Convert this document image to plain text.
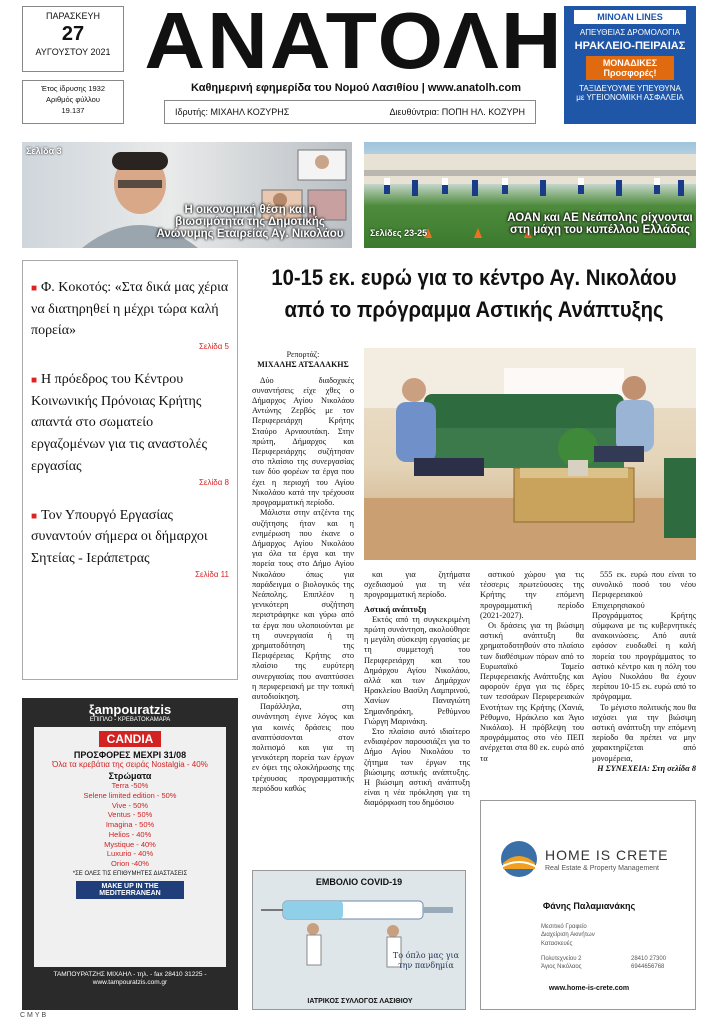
ΠΑΡΑΣΚΕΥΗ
27
ΑΥΓΟΥΣΤΟΥ 2021
Έτος ίδρυσης 1932
Αριθμός φύλλου
19.137
ΑΝΑΤΟΛΗ
Καθημερινή εφημερίδα του Νομού Λασιθίου | www.anatolh.com
Ιδρυτής: ΜΙΧΑΗΛ ΚΟΖΥΡΗΣ	Διευθύντρια: ΠΟΠΗ ΗΛ. ΚΟΖΥΡΗ
MINOAN LINES
ΑΠΕΥΘΕΙΑΣ ΔΡΟΜΟΛΟΓΙΑ
ΗΡΑΚΛΕΙΟ-ΠΕΙΡΑΙΑΣ
ΜΟΝΑΔΙΚΕΣ Προσφορές!
ΤΑΞΙΔΕΥΟΥΜΕ ΥΠΕΥΘΥΝΑ
με ΥΓΕΙΟΝΟΜΙΚΗ ΑΣΦΑΛΕΙΑ
Σελίδα 3
Η οικονομική θέση και η βιωσιμότητα της Δημοτικής Ανώνυμης Εταιρείας Αγ. Νικολάου
ΑΟΑΝ και ΑΕ Νεάπολης ρίχνονται στη μάχη του κυπέλλου Ελλάδας
Σελίδες 23-25
■ Φ. Κοκοτός: «Στα δικά μας χέρια να διατηρηθεί η μέχρι τώρα καλή πορεία»
Σελίδα 5
■ Η πρόεδρος του Κέντρου Κοινωνικής Πρόνοιας Κρήτης απαντά στο σωματείο εργαζομένων για τις αναστολές εργασίας
Σελίδα 8
■ Τον Υπουργό Εργασίας συναντούν σήμερα οι δήμαρχοι Σητείας - Ιεράπετρας
Σελίδα 11
10-15 εκ. ευρώ για το κέντρο Αγ. Νικολάου από το πρόγραμμα Αστικής Ανάπτυξης
Ρεπορτάζ:
ΜΙΧΑΛΗΣ ΑΤΣΑΛΑΚΗΣ

Δύο διαδοχικές συναντήσεις είχε χθες ο Δήμαρχος Αγίου Νικολάου Αντώνης Ζερβός με τον Περιφερειάρχη Κρήτης Σταύρο Αρναουτάκη. Στην πρώτη, Δήμαρχος και Περιφερειάρχης συζήτησαν στο πλαίσιο της συνεργασίας των δύο φορέων τα έργα που έχει η περιοχή του Αγίου Νικολάου κατά την τρέχουσα προγραμματική περίοδο.

Μάλιστα στην ατζέντα της συζήτησης ήταν και η ενημέρωση που έκανε ο Δήμαρχος Αγίου Νικολάου για όλα τα έργα και την πορεία τους στο Δήμο Αγίου Νικολάου όπως για παράδειγμα ο βιολογικός της Νεάπολης. Επιπλέον η γενικότερη συζήτηση περιστράφηκε και γύρω από τα έργα που υλοποιούνται με τη συνεργασία ή τη χρηματοδότηση της Περιφέρειας Κρήτης στο πλαίσιο της ευρύτερη συνεργασίας που αναπτύσσει η περιφερειακή με την τοπική αυτοδιοίκηση.

Παράλληλα, στη συνάντηση έγινε λόγος και για κοινές δράσεις που αναπτύσσονται στον πολιτισμό και για τη γενικότερη πορεία των έργων εν όψει της ολοκλήρωσης της τρέχουσας προγραμματικής περιόδου καθώς

και για ζητήματα σχεδιασμού για τη νέα προγραμματική περίοδο.

Αστική ανάπτυξη

Εκτός από τη συγκεκριμένη πρώτη συνάντηση, ακολούθησε η μεγάλη σύσκεψη εργασίας με τη συμμετοχή του Περιφερειάρχη και του Δημάρχου Αγίου Νικολάου, αλλά και των Δημάρχων Ηρακλείου Βασίλη Λαμπρινού, Χανίων Παναγιώτη Σημανδηράκη, Ρεθύμνου Γιώργη Μαρινάκη.

Στο πλαίσιο αυτό ιδιαίτερο ενδιαφέρον παρουσιάζει για το Δήμο Αγίου Νικολάου το ζήτημα των έργων της βιώσιμης αστικής ανάπτυξης. Η βιώσιμη αστική ανάπτυξη είναι η νέα πρόκληση για τη διαμόρφωση του δημόσιου

αστικού χώρου για τις τέσσερις πρωτεύουσες της Κρήτης την επόμενη προγραμματική περίοδο (2021-2027).

Οι δράσεις για τη βιώσιμη αστική ανάπτυξη θα χρηματοδοτηθούν στο πλαίσιο των διαθέσιμων πόρων από το Ευρωπαϊκό Ταμείο Περιφερειακής Ανάπτυξης και αφορούν έργα για τις έδρες των τεσσάρων Περιφερειακών Ενοτήτων της Κρήτης (Χανιά, Ρέθυμνο, Ηράκλειο και Άγιο Νικόλαο). Η πρόβλεψη του προγράμματος στο νέο ΠΕΠ ανέρχεται στα 80 εκ. ευρώ από τα

555 εκ. ευρώ που είναι το συνολικό ποσό του νέου Περιφερειακού Επιχειρησιακού Προγράμματος Κρήτης σύμφωνα με τις κυβερνητικές ανακοινώσεις. Από αυτά εφόσον ευοδωθεί η καλή πορεία του προγράμματος το αστικό κέντρο και η πόλη του Αγίου Νικολάου θα έχουν περίπου 10-15 εκ. ευρώ από το πρόγραμμα.

Το μέγιστο πολιτικής που θα ισχύσει για την βιώσιμη αστική ανάπτυξη την επόμενη περίοδο θα πρέπει να μην χαρακτηρίζεται από μονομέρεια,

Η ΣΥΝΕΧΕΙΑ: Στη σελίδα 8

ξampouratzis
ΕΠΙΠΛΟ - ΚΡΕΒΑΤΟΚΑΜΑΡΑ
CANDIA
ΠΡΟΣΦΟΡΕΣ ΜΕΧΡΙ 31/08
Όλα τα κρεβάτια της σειράς Nostalgia - 40%
Στρώματα
Terra -50%
Selene limited edition - 50%
Vive - 50%
Ventus - 50%
Imagina - 50%
Helios - 40%
Mystique - 40%
Luxurio - 40%
Orion -40%
*ΣΕ ΟΛΕΣ ΤΙΣ ΕΠΙΘΥΜΗΤΕΣ ΔΙΑΣΤΑΣΕΙΣ
MAKE UP IN THE MEDITERRANEAN
ΤΑΜΠΟΥΡΑΤΖΗΣ ΜΙΧΑΗΛ - τηλ. - fax 28410 31225 - www.tampouratzis.com.gr
ΕΜΒΟΛΙΟ COVID-19
Το όπλο μας για την πανδημία
ΙΑΤΡΙΚΟΣ ΣΥΛΛΟΓΟΣ ΛΑΣΙΘΙΟΥ
HOME IS CRETE
Real Estate & Property Management
Φάνης Παλαμιανάκης
Μεσιτικό Γραφείο
Διαχείριση Ακινήτων
Κατασκευές
Πολυτεχνείου 2
Άγιος Νικόλαος
28410 27300
6944656768
www.home-is-crete.com
CMYB
